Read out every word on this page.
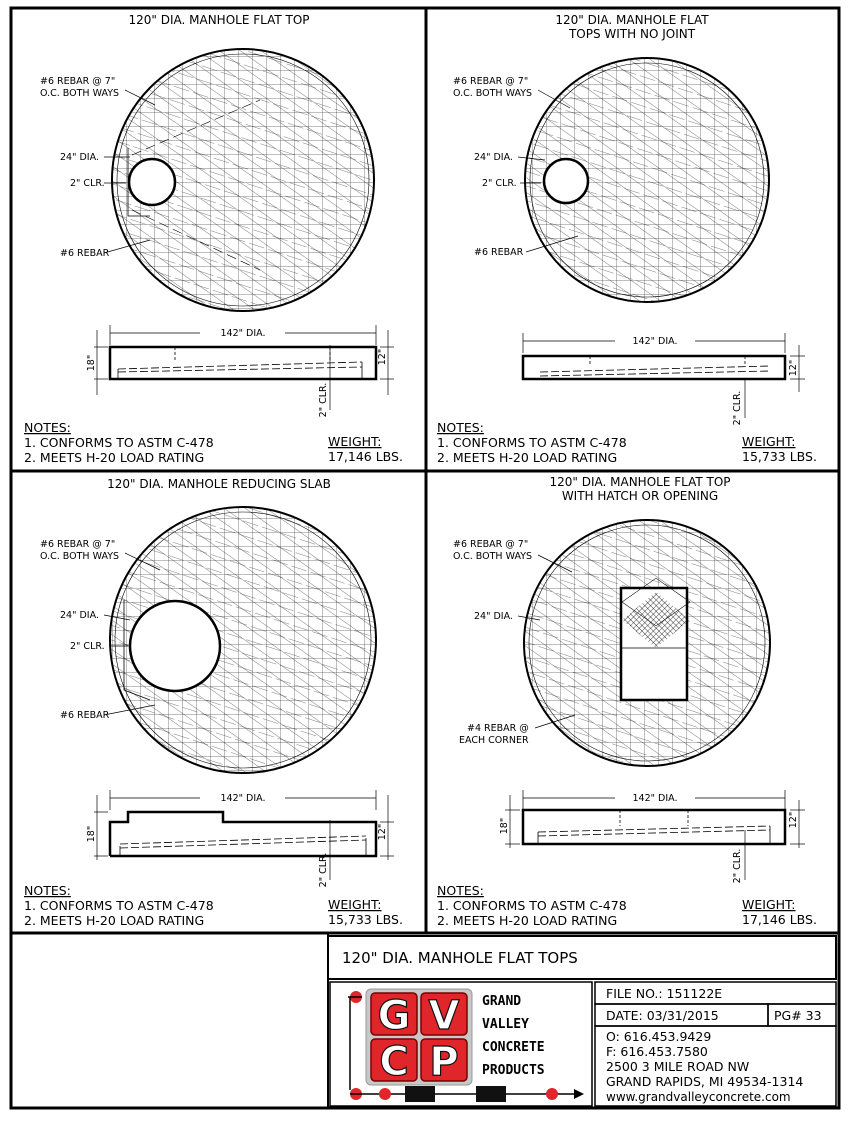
120" DIA. MANHOLE FLAT TOP
#6 REBAR @ 7"
O.C. BOTH WAYS
24" DIA.
2" CLR.
#6 REBAR
142" DIA.
18"	12"
2" CLR.
NOTES:
1. CONFORMS TO ASTM C-478
2. MEETS H-20 LOAD RATING
WEIGHT:
17,146 LBS.
120" DIA. MANHOLE FLAT
TOPS WITH NO JOINT
#6 REBAR @ 7"
O.C. BOTH WAYS
24" DIA.
2" CLR.
#6 REBAR
142" DIA.
12"
2" CLR.
NOTES:
1. CONFORMS TO ASTM C-478
2. MEETS H-20 LOAD RATING
WEIGHT:
15,733 LBS.
120" DIA. MANHOLE REDUCING SLAB
#6 REBAR @ 7"
O.C. BOTH WAYS
24" DIA.
2" CLR.
#6 REBAR
142" DIA.
18"	12"
2" CLR.
NOTES:
1. CONFORMS TO ASTM C-478
2. MEETS H-20 LOAD RATING
WEIGHT:
15,733 LBS.
120" DIA. MANHOLE FLAT TOP
WITH HATCH OR OPENING
#6 REBAR @ 7"
O.C. BOTH WAYS
24" DIA.
#4 REBAR @
EACH CORNER
142" DIA.
18"	12"
2" CLR.
NOTES:
1. CONFORMS TO ASTM C-478
2. MEETS H-20 LOAD RATING
WEIGHT:
17,146 LBS.
120" DIA. MANHOLE FLAT TOPS
FILE NO.: 151122E
DATE: 03/31/2015	PG# 33
O: 616.453.9429
F: 616.453.7580
2500 3 MILE ROAD NW
GRAND RAPIDS, MI 49534-1314
www.grandvalleyconcrete.com
G V
C P
GRAND
VALLEY
CONCRETE
PRODUCTS
